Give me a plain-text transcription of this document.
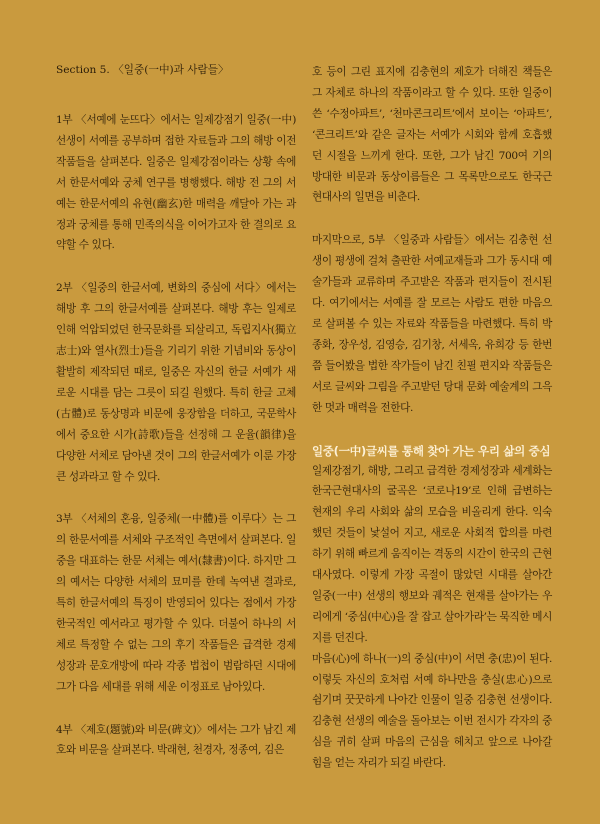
Section 5. 〈일중(一中)과 사람들〉

1부 〈서예에 눈뜨다〉에서는 일제강점기 일중(一中) 선생이 서예를 공부하며 접한 자료들과 그의 해방 이전 작품들을 살펴본다. 일중은 일제강점이라는 상황 속에서 한문서예와 궁체 연구를 병행했다. 해방 전 그의 서예는 한문서예의 유현(幽玄)한 매력을 깨달아 가는 과정과 궁체를 통해 민족의식을 이어가고자 한 결의로 요약할 수 있다.

2부 〈일중의 한글서예, 변화의 중심에 서다〉에서는 해방 후 그의 한글서예를 살펴본다. 해방 후는 일제로 인해 억압되었던 한국문화를 되살리고, 독립지사(獨立志士)와 열사(烈士)들을 기리기 위한 기념비와 동상이 활발히 제작되던 때로, 일중은 자신의 한글 서예가 새로운 시대를 담는 그릇이 되길 원했다. 특히 한글 고체(古體)로 동상명과 비문에 웅장함을 더하고, 국문학사에서 중요한 시가(詩歌)들을 선정해 그 운율(韻律)을 다양한 서체로 담아낸 것이 그의 한글서예가 이룬 가장 큰 성과라고 할 수 있다.

3부 〈서체의 혼융, 일중체(一中體)를 이루다〉는 그의 한문서예를 서체와 구조적인 측면에서 살펴본다. 일중을 대표하는 한문 서체는 예서(隸書)이다. 하지만 그의 예서는 다양한 서체의 묘미를 한데 녹여낸 결과로, 특히 한글서예의 특징이 반영되어 있다는 점에서 가장 한국적인 예서라고 평가할 수 있다. 더불어 하나의 서체로 특정할 수 없는 그의 후기 작품들은 급격한 경제성장과 문호개방에 따라 각종 법첩이 범람하던 시대에 그가 다음 세대를 위해 세운 이정표로 남아있다.

4부 〈제호(題號)와 비문(碑文)〉에서는 그가 남긴 제호와 비문을 살펴본다. 박래현, 천경자, 정종여, 김은

호 등이 그린 표지에 김충현의 제호가 더해진 책들은 그 자체로 하나의 작품이라고 할 수 있다. 또한 일중이 쓴 ‘수정아파트’, ‘천마콘크리트’에서 보이는 ‘아파트’, ‘콘크리트’와 같은 글자는 서예가 시회와 함께 호흡했던 시절을 느끼게 한다. 또한, 그가 남긴 700여 기의 방대한 비문과 동상이름들은 그 목록만으로도 한국근현대사의 일면을 비춘다.

마지막으로, 5부 〈일중과 사람들〉에서는 김충현 선생이 평생에 걸쳐 출판한 서예교재들과 그가 동시대 예술가들과 교류하며 주고받은 작품과 편지들이 전시된다. 여기에서는 서예를 잘 모르는 사람도 편한 마음으로 살펴볼 수 있는 자료와 작품들을 마련했다. 특히 박종화, 장우성, 김영승, 김기창, 서세옥, 유희강 등 한번쯤 들어봤을 법한 작가들이 남긴 친필 편지와 작품들은 서로 글씨와 그림을 주고받던 당대 문화 예술계의 그윽한 멋과 매력을 전한다.

일중(一中)글씨를 통해 찾아 가는 우리 삶의 중심

일제강점기, 해방, 그리고 급격한 경제성장과 세계화는 한국근현대사의 굴곡은 ‘코로나19’로 인해 급변하는 현재의 우리 사회와 삶의 모습을 비올리게 한다. 익숙했던 것들이 낯설어 지고, 새로운 사회적 합의를 마련하기 위해 빠르게 움직이는 격동의 시간이 한국의 근현대사였다. 이렇게 가장 곡절이 많았던 시대를 살아간 일중(一中) 선생의 행보와 궤적은 현재를 살아가는 우리에게 ‘중심(中心)을 잘 잡고 살아가라’는 묵직한 메시지를 던진다.

마음(心)에 하나(一)의 중심(中)이 서면 충(忠)이 된다. 이렇듯 자신의 호처럼 서예 하나만을 충실(忠心)으로 쉼기며 꿋꿋하게 나아간 인물이 일중 김충현 선생이다. 김충현 선생의 예술을 돌아보는 이번 전시가 각자의 중심을 귀히 살펴 마음의 근심을 헤치고 앞으로 나아갈 힘을 얻는 자리가 되길 바란다.
